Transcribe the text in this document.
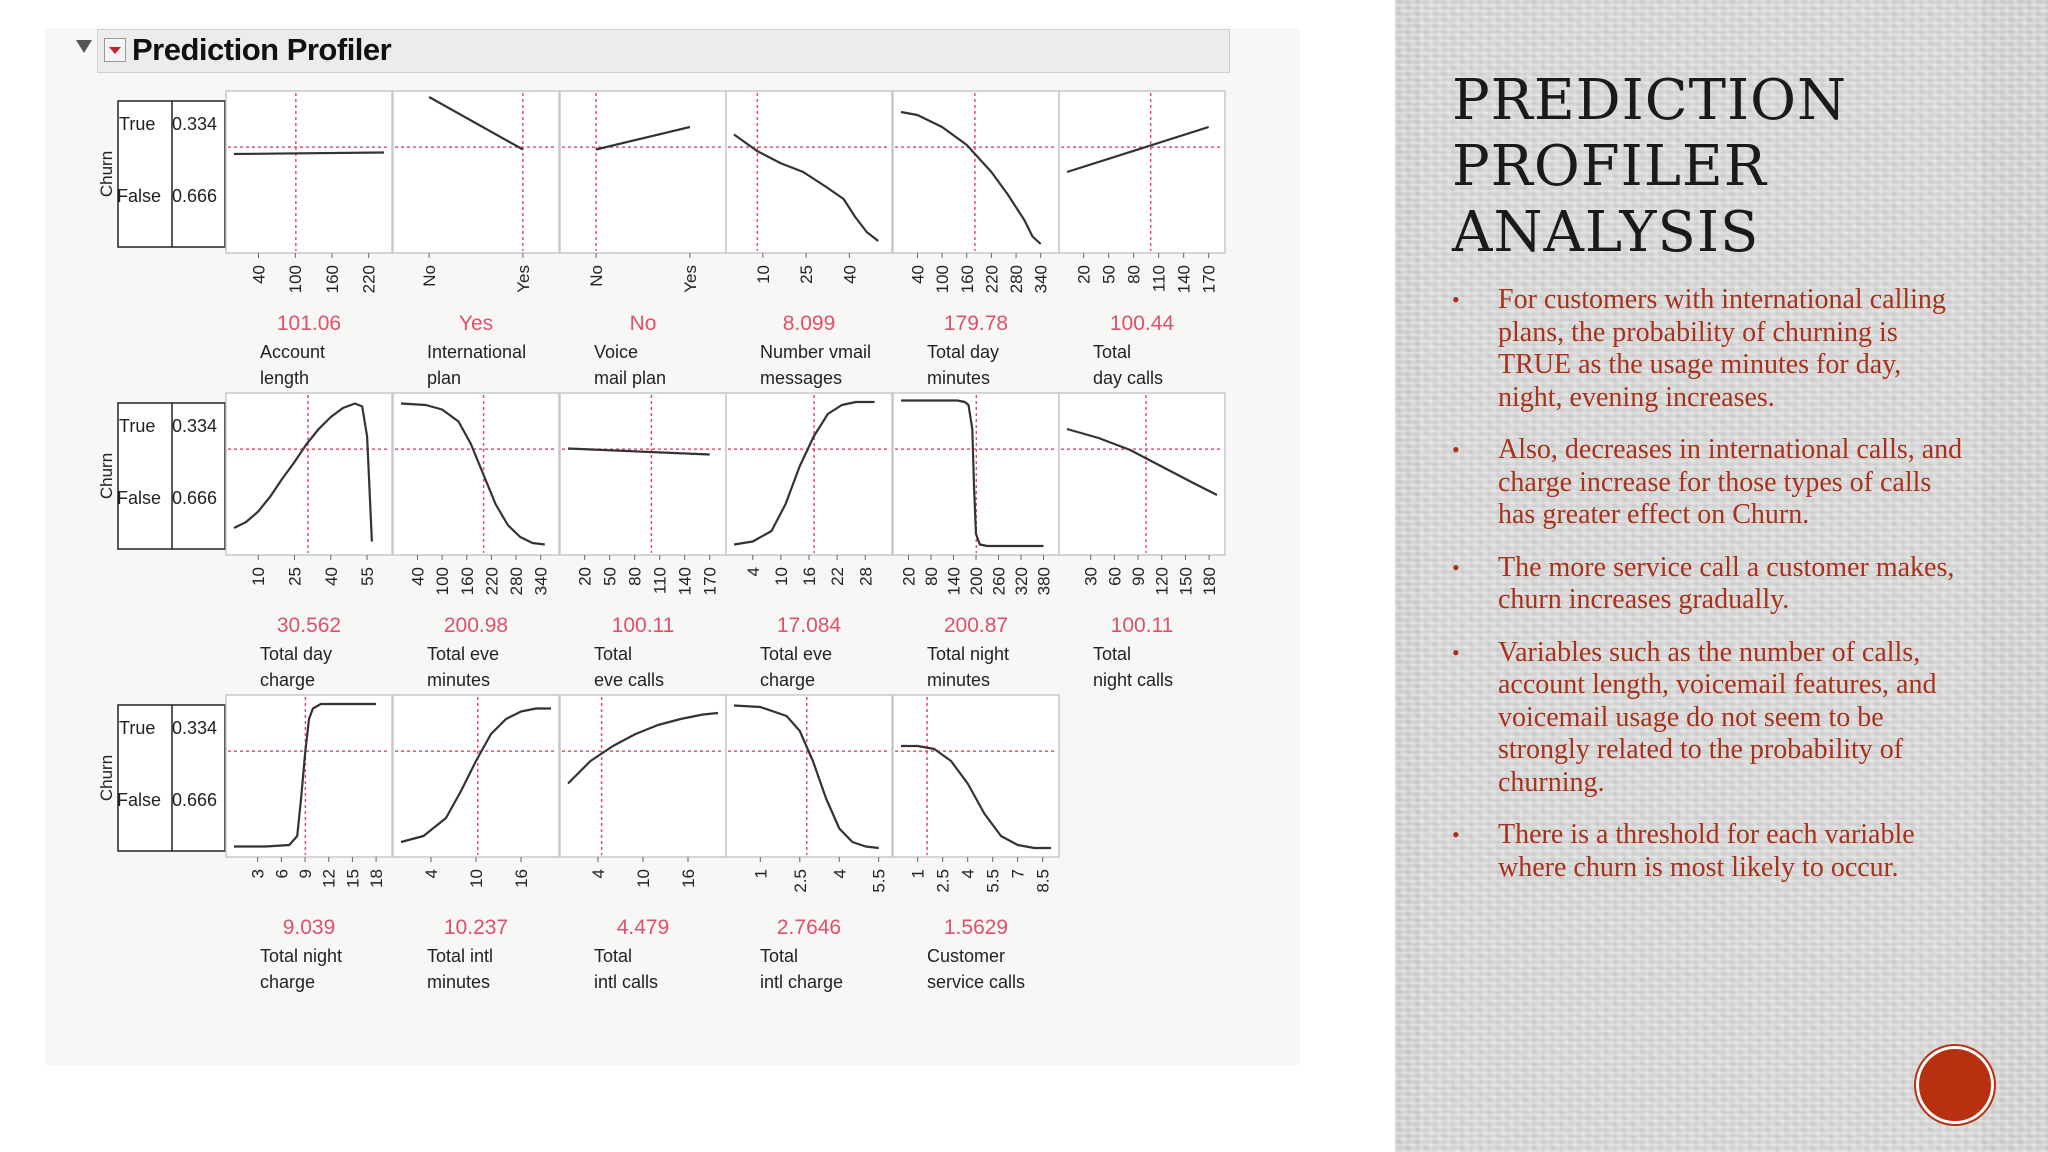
Prediction Profiler
Churn
True 0.334
False 0.666
Churn
True 0.334
False 0.666
Churn
True 0.334
False 0.666
40 100 160 220
101.06
Account
length
No	Yes
Yes
International
plan
No	Yes
No
Voice
mail plan
10 25 40
8.099
Number vmail
messages
40 100 160 220 280 340
179.78
Total day
minutes
20 50 80 110 140 170
100.44
Total
day calls
10 25 40 55
30.562
Total day
charge
40 100 160 220 280 340
200.98
Total eve
minutes
20 50 80 110 140 170
100.11
Total
eve calls
4 10 16 22 28
17.084
Total eve
charge
20 80 140 200 260 320 380
200.87
Total night
minutes
30 60 90 120 150 180
100.11
Total
night calls
3 6 9 12 15 18
9.039
Total night
charge
4 10 16
10.237
Total intl
minutes
4 10 16
4.479
Total
intl calls
1 2.5 4 5.5
2.7646
Total
intl charge
1 2.5 4 5.5 7 8.5
1.5629
Customer
service calls
PREDICTION PROFILER ANALYSIS
• For customers with international calling plans, the probability of churning is TRUE as the usage minutes for day, night, evening increases.
• Also, decreases in international calls, and charge increase for those types of calls has greater effect on Churn.
• The more service call a customer makes, churn increases gradually.
• Variables such as the number of calls, account length, voicemail features, and voicemail usage do not seem to be strongly related to the probability of churning.
• There is a threshold for each variable where churn is most likely to occur.
